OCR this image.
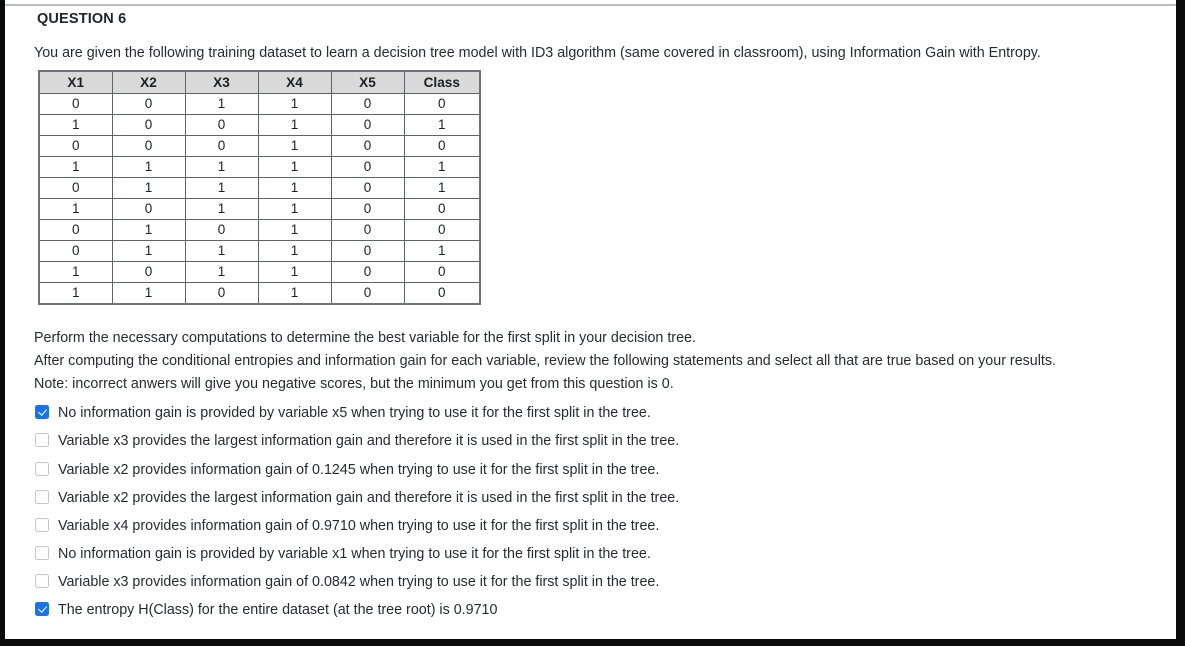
QUESTION 6

You are given the following training dataset to learn a decision tree model with ID3 algorithm (same covered in classroom), using Information Gain with Entropy.

X1	X2	X3	X4	X5	Class
0	0	1	1	0	0
1	0	0	1	0	1
0	0	0	1	0	0
1	1	1	1	0	1
0	1	1	1	0	1
1	0	1	1	0	0
0	1	0	1	0	0
0	1	1	1	0	1
1	0	1	1	0	0
1	1	0	1	0	0

Perform the necessary computations to determine the best variable for the first split in your decision tree.

After computing the conditional entropies and information gain for each variable, review the following statements and select all that are true based on your results.

Note: incorrect anwers will give you negative scores, but the minimum you get from this question is 0.

No information gain is provided by variable x5 when trying to use it for the first split in the tree.
Variable x3 provides the largest information gain and therefore it is used in the first split in the tree.
Variable x2 provides information gain of 0.1245 when trying to use it for the first split in the tree.
Variable x2 provides the largest information gain and therefore it is used in the first split in the tree.
Variable x4 provides information gain of 0.9710 when trying to use it for the first split in the tree.
No information gain is provided by variable x1 when trying to use it for the first split in the tree.
Variable x3 provides information gain of 0.0842 when trying to use it for the first split in the tree.
The entropy H(Class) for the entire dataset (at the tree root) is 0.9710
